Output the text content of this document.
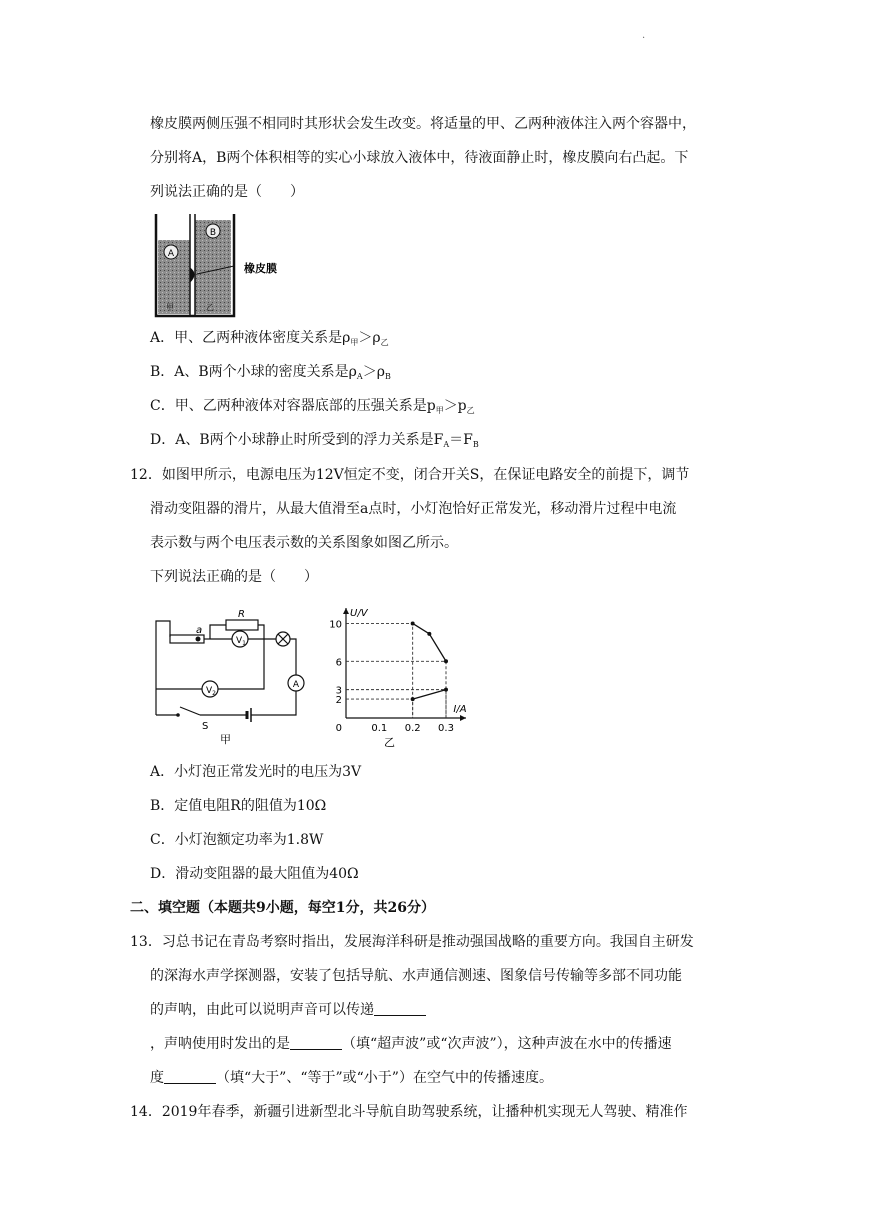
.
橡皮膜两侧压强不相同时其形状会发生改变。将适量的甲、乙两种液体注入两个容器中，
分别将A，B两个体积相等的实心小球放入液体中，待液面静止时，橡皮膜向右凸起。下
列说法正确的是（　　）
A
B
橡皮膜
甲	乙
A．甲、乙两种液体密度关系是$\rho_甲>\rho_乙$
B．A、B两个小球的密度关系是$\rho_A>\rho_B$
C．甲、乙两种液体对容器底部的压强关系是$p_甲>p_乙$
D．A、B两个小球静止时所受到的浮力关系是$F_A=F_B$
12．如图甲所示，电源电压为12V恒定不变，闭合开关S，在保证电路安全的前提下，调节
滑动变阻器的滑片，从最大值滑至a点时，小灯泡恰好正常发光，移动滑片过程中电流
表示数与两个电压表示数的关系图象如图乙所示。
下列说法正确的是（　　）
a
R
$V_1$
$V_2$
A
S
甲
2
3
6
10
0.1 0.2 0.3
0
U/V
I/A
乙
A．小灯泡正常发光时的电压为3V
B．定值电阻R的阻值为10Ω
C．小灯泡额定功率为1.8W
D．滑动变阻器的最大阻值为40Ω
二、填空题（本题共9小题，每空1分，共26分）
13．习总书记在青岛考察时指出，发展海洋科研是推动强国战略的重要方向。我国自主研发
的深海水声学探测器，安装了包括导航、水声通信测速、图象信号传输等多部不同功能
的声呐，由此可以说明声音可以传递
，声呐使用时发出的是	（填“超声波”或“次声波”），这种声波在水中的传播速
度	（填“大于”、“等于”或“小于”）在空气中的传播速度。
14．2019年春季，新疆引进新型北斗导航自助驾驶系统，让播种机实现无人驾驶、精准作
